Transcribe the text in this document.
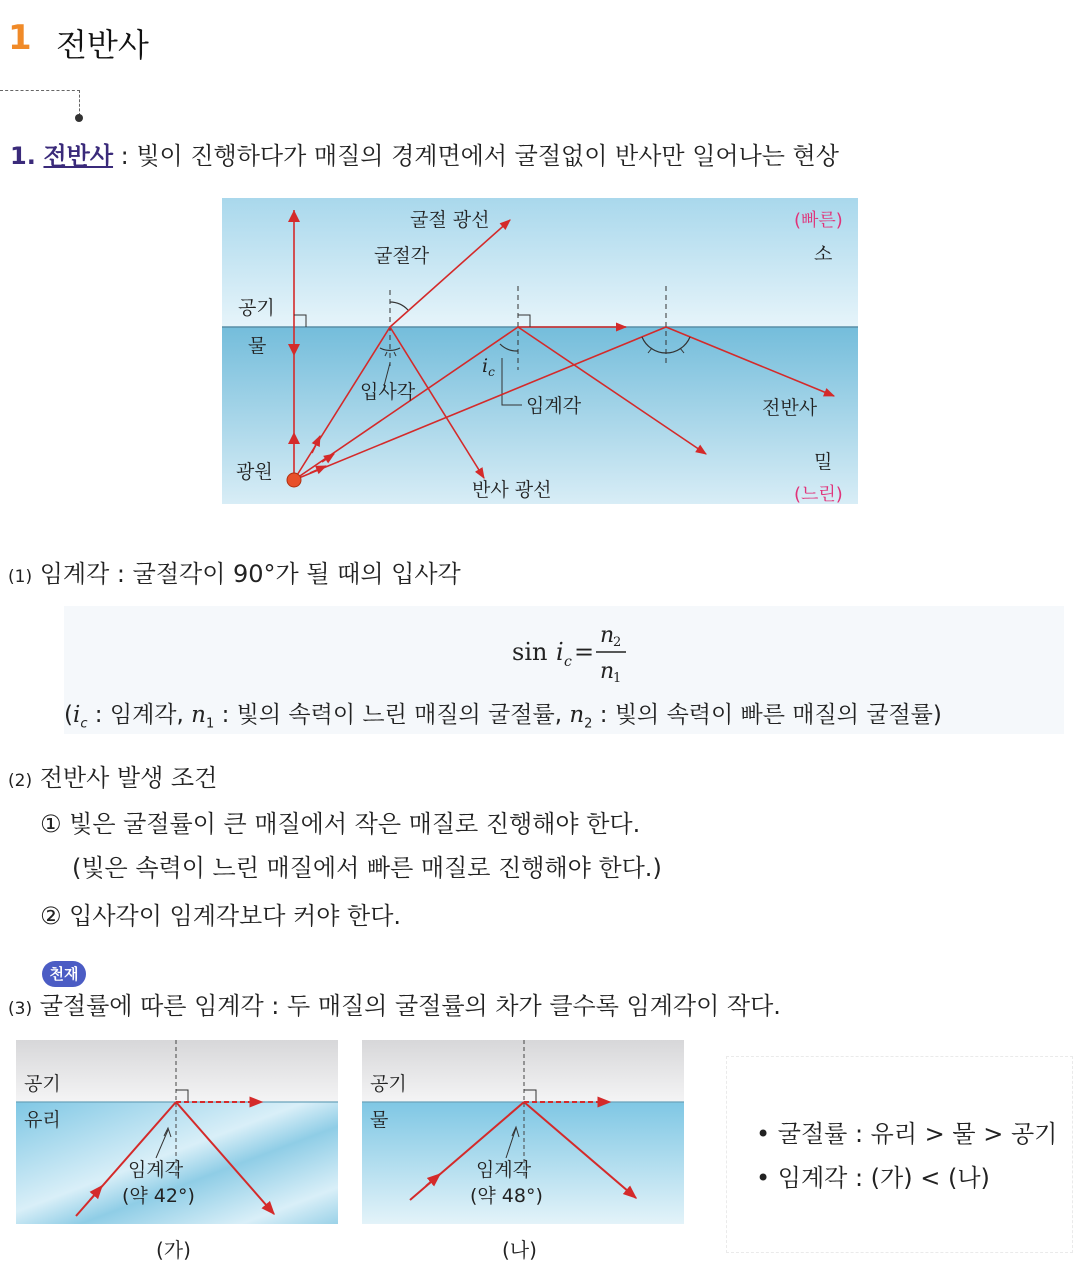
1 전반사
1. 전반사 : 빛이 진행하다가 매질의 경계면에서 굴절없이 반사만 일어나는 현상
굴절 광선
굴절각
공기
물
입사각
$i_c$
임계각	전반사
광원
반사 광선
(빠른)
소
밀
(느린)
(1) 임계각 : 굴절각이 90°가 될 때의 입사각
sin i c =
n
2
n
1
($i_c$ : 임계각, $n_1$ : 빛의 속력이 느린 매질의 굴절률, $n_2$ : 빛의 속력이 빠른 매질의 굴절률)
(2) 전반사 발생 조건
① 빛은 굴절률이 큰 매질에서 작은 매질로 진행해야 한다.
(빛은 속력이 느린 매질에서 빠른 매질로 진행해야 한다.)
② 입사각이 임계각보다 커야 한다.
천재
(3) 굴절률에 따른 임계각 : 두 매질의 굴절률의 차가 클수록 임계각이 작다.
공기
유리
임계각
(약 42°)
(가)
공기
물
임계각
(약 48°)
(나)
• 굴절률 : 유리 > 물 > 공기
• 임계각 : (가) < (나)
